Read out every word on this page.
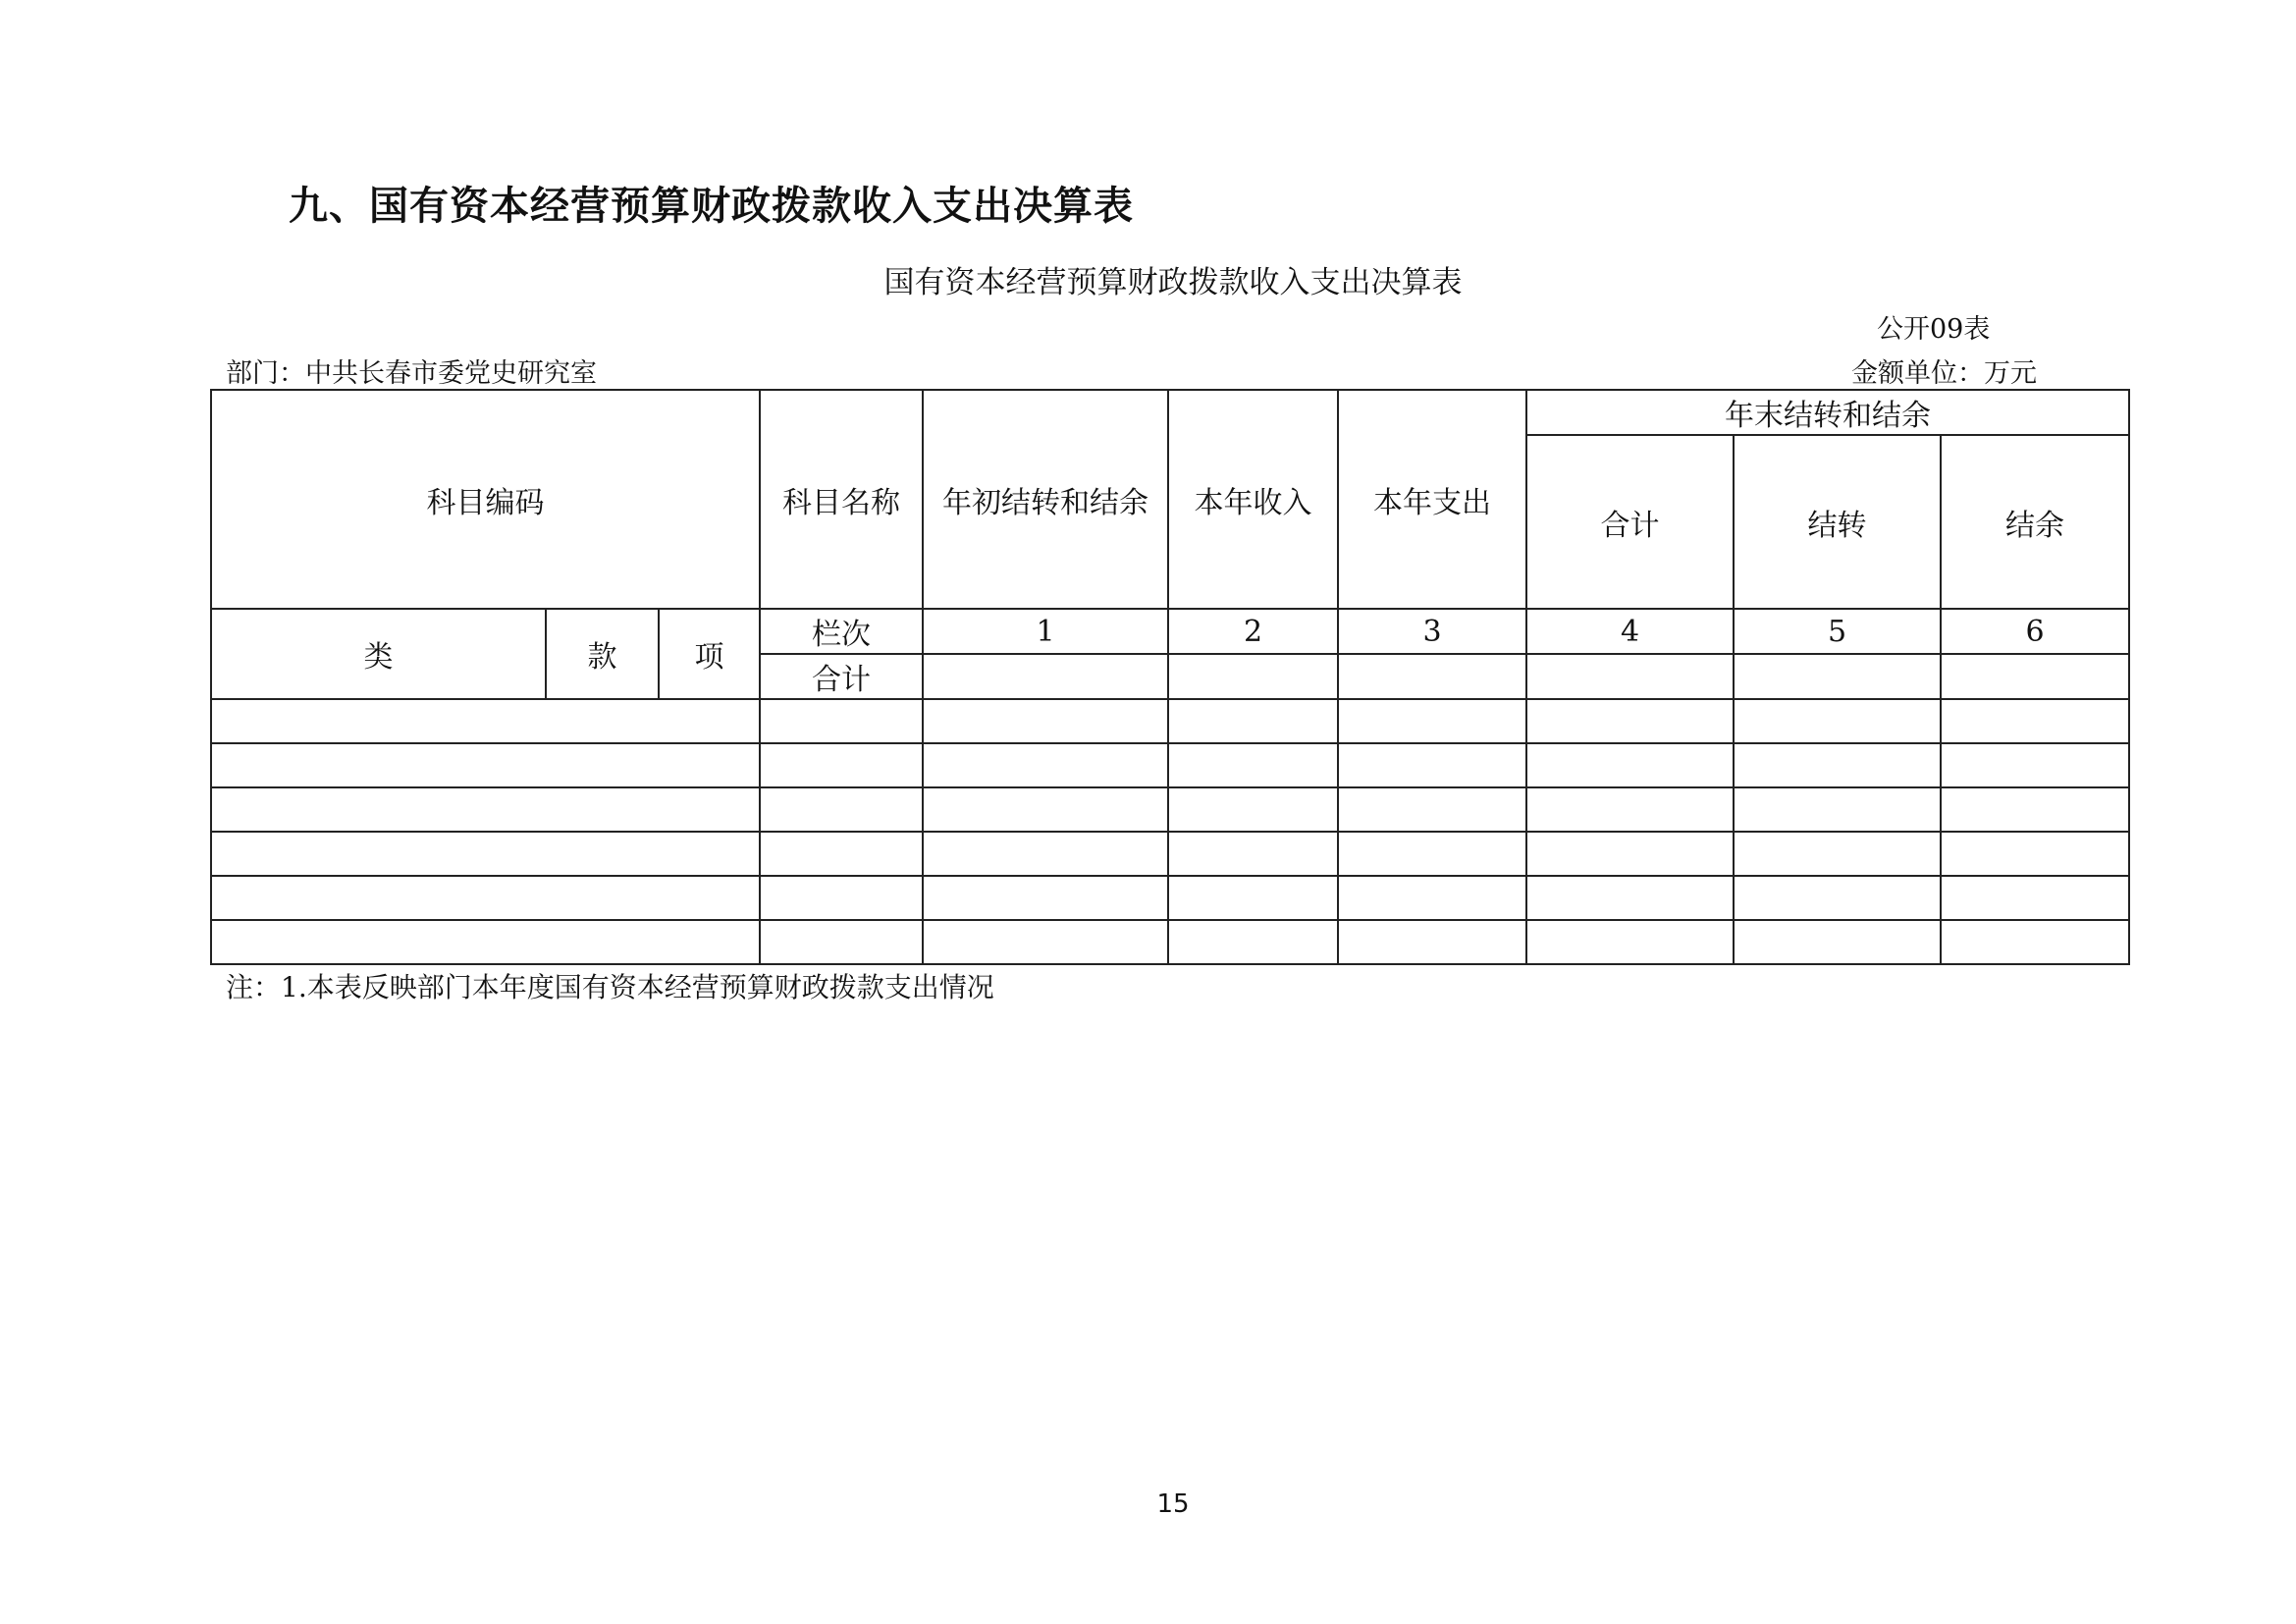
九、国有资本经营预算财政拨款收入支出决算表
国有资本经营预算财政拨款收入支出决算表
公开09表
部门：中共长春市委党史研究室	金额单位：万元
科目编码			科目名称	年初结转和结余	本年收入	本年支出	年末结转和结余		
							合计	结转	结余
类	款	项	栏次	1	2	3	4	5	6
			合计						

注：1.本表反映部门本年度国有资本经营预算财政拨款支出情况
15
